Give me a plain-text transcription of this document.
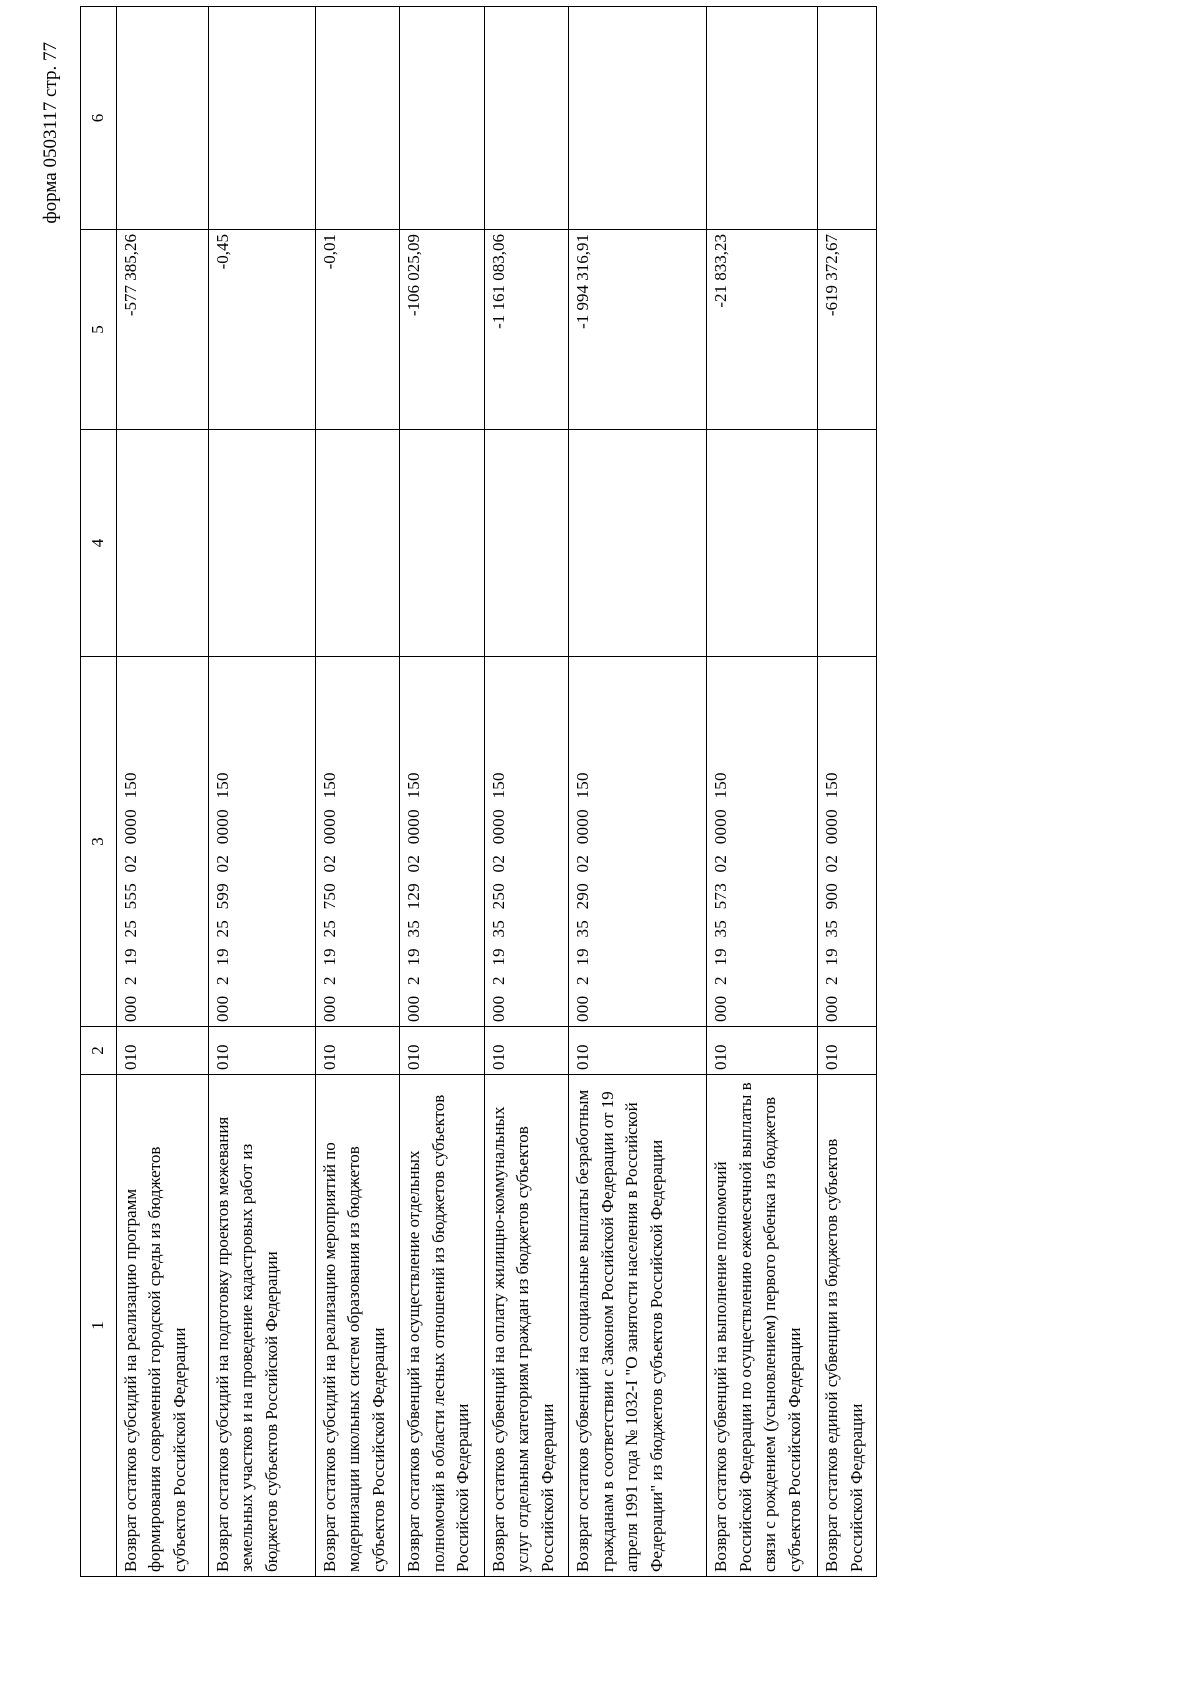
форма 0503117 стр. 77
1	2	3	4	5	6
Возврат остатков субсидий на реализацию программ формирования современной городской среды из бюджетов субъектов Российской Федерации	010	000 2 19 25 555 02 0000 150		-577 385,26	
Возврат остатков субсидий на подготовку проектов межевания земельных участков и на проведение кадастровых работ из бюджетов субъектов Российской Федерации	010	000 2 19 25 599 02 0000 150		-0,45	
Возврат остатков субсидий на реализацию мероприятий по модернизации школьных систем образования из бюджетов субъектов Российской Федерации	010	000 2 19 25 750 02 0000 150		-0,01	
Возврат остатков субвенций на осуществление отдельных полномочий в области лесных отношений из бюджетов субъектов Российской Федерации	010	000 2 19 35 129 02 0000 150		-106 025,09	
Возврат остатков субвенций на оплату жилищно-коммунальных услуг отдельным категориям граждан из бюджетов субъектов Российской Федерации	010	000 2 19 35 250 02 0000 150		-1 161 083,06	
Возврат остатков субвенций на социальные выплаты безработным гражданам в соответствии с Законом Российской Федерации от 19 апреля 1991 года № 1032-I "О занятости населения в Российской Федерации" из бюджетов субъектов Российской Федерации	010	000 2 19 35 290 02 0000 150		-1 994 316,91	
Возврат остатков субвенций на выполнение полномочий Российской Федерации по осуществлению ежемесячной выплаты в связи с рождением (усыновлением) первого ребенка из бюджетов субъектов Российской Федерации	010	000 2 19 35 573 02 0000 150		-21 833,23	
Возврат остатков единой субвенции из бюджетов субъектов Российской Федерации	010	000 2 19 35 900 02 0000 150		-619 372,67	
